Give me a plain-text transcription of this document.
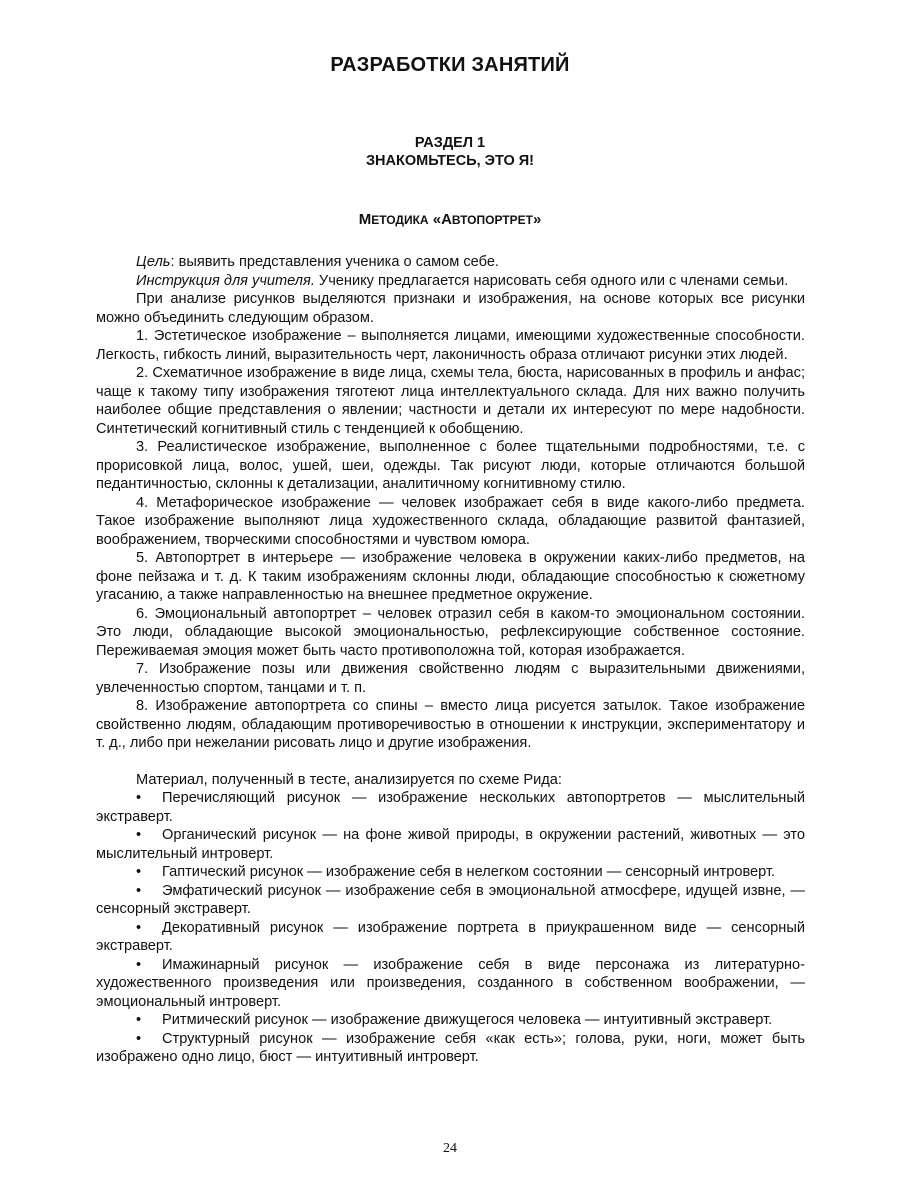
РАЗРАБОТКИ ЗАНЯТИЙ
РАЗДЕЛ 1
ЗНАКОМЬТЕСЬ, ЭТО Я!
МЕТОДИКА «АВТОПОРТРЕТ»

Цель: выявить представления ученика о самом себе.

Инструкция для учителя. Ученику предлагается нарисовать себя одного или с членами семьи.

При анализе рисунков выделяются признаки и изображения, на основе которых все рисунки можно объединить следующим образом.

1. Эстетическое изображение – выполняется лицами, имеющими художественные способности. Легкость, гибкость линий, выразительность черт, лаконичность образа отличают рисунки этих людей.

2. Схематичное изображение в виде лица, схемы тела, бюста, нарисованных в профиль и анфас; чаще к такому типу изображения тяготеют лица интеллектуального склада. Для них важно получить наиболее общие представления о явлении; частности и детали их интересуют по мере надобности. Синтетический когнитивный стиль с тенденцией к обобщению.

3. Реалистическое изображение, выполненное с более тщательными подробностями, т.е. с прорисовкой лица, волос, ушей, шеи, одежды. Так рисуют люди, которые отличаются большой педантичностью, склонны к детализации, аналитичному когнитивному стилю.

4. Метафорическое изображение — человек изображает себя в виде какого-либо предмета. Такое изображение выполняют лица художественного склада, обладающие развитой фантазией, воображением, творческими способностями и чувством юмора.

5. Автопортрет в интерьере — изображение человека в окружении каких-либо предметов, на фоне пейзажа и т. д. К таким изображениям склонны люди, обладающие способностью к сюжетному угасанию, а также направленностью на внешнее предметное окружение.

6. Эмоциональный автопортрет – человек отразил себя в каком-то эмоциональном состоянии. Это люди, обладающие высокой эмоциональностью, рефлексирующие собственное состояние. Переживаемая эмоция может быть часто противоположна той, которая изображается.

7. Изображение позы или движения свойственно людям с выразительными движениями, увлеченностью спортом, танцами и т. п.

8. Изображение автопортрета со спины – вместо лица рисуется затылок. Такое изображение свойственно людям, обладающим противоречивостью в отношении к инструкции, экспериментатору и т. д., либо при нежелании рисовать лицо и другие изображения.

Материал, полученный в тесте, анализируется по схеме Рида:

• Перечисляющий рисунок — изображение нескольких автопортретов — мыслительный экстраверт.

• Органический рисунок — на фоне живой природы, в окружении растений, животных — это мыслительный интроверт.

• Гаптический рисунок — изображение себя в нелегком состоянии — сенсорный интроверт.

• Эмфатический рисунок — изображение себя в эмоциональной атмосфере, идущей извне, — сенсорный экстраверт.

• Декоративный рисунок — изображение портрета в приукрашенном виде — сенсорный экстраверт.

• Имажинарный рисунок — изображение себя в виде персонажа из литературно-художественного произведения или произведения, созданного в собственном воображении, — эмоциональный интроверт.

• Ритмический рисунок — изображение движущегося человека — интуитивный экстраверт.

• Структурный рисунок — изображение себя «как есть»; голова, руки, ноги, может быть изображено одно лицо, бюст — интуитивный интроверт.

24
